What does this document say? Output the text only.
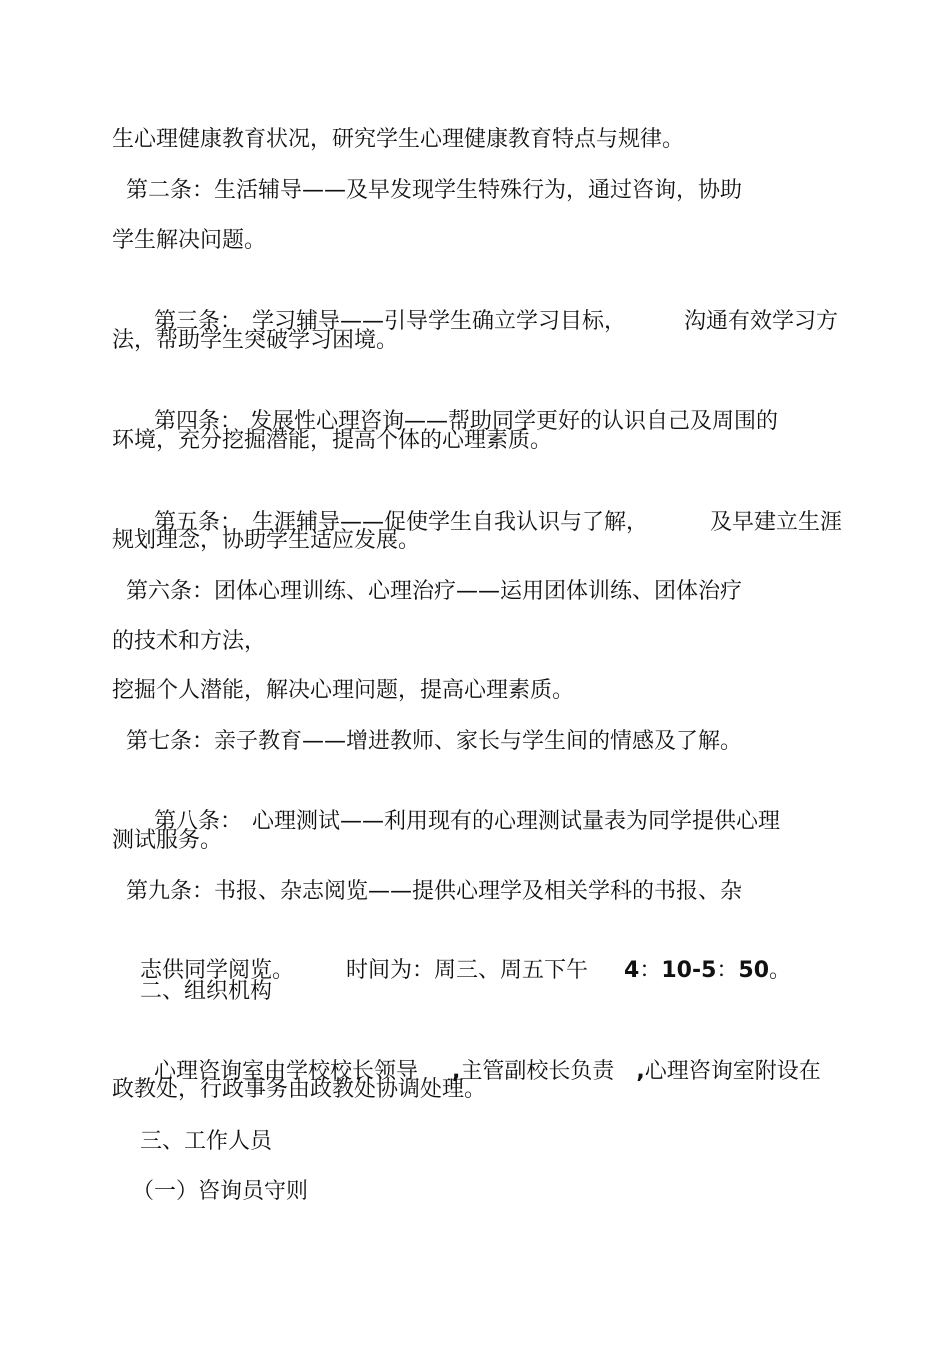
生心理健康教育状况，研究学生心理健康教育特点与规律。
第二条：生活辅导——及早发现学生特殊行为，通过咨询，协助
学生解决问题。

第三条： 学习辅导——引导学生确立学习目标，	沟通有效学习方

法，帮助学生突破学习困境。

第四条： 发展性心理咨询——帮助同学更好的认识自己及周围的

环境，充分挖掘潜能，提高个体的心理素质。

第五条： 生涯辅导——促使学生自我认识与了解，	及早建立生涯

规划理念，协助学生适应发展。
第六条：团体心理训练、心理治疗——运用团体训练、团体治疗
的技术和方法，
挖掘个人潜能，解决心理问题，提高心理素质。
第七条：亲子教育——增进教师、家长与学生间的情感及了解。

第八条： 心理测试——利用现有的心理测试量表为同学提供心理

测试服务。
第九条：书报、杂志阅览——提供心理学及相关学科的书报、杂

志供同学阅览。 时间为：周三、周五下午 4：10-5：50。

二、组织机构

心理咨询室由学校校长领导 ,主管副校长负责 ,心理咨询室附设在

政教处，行政事务由政教处协调处理。
三、工作人员
（一）咨询员守则
